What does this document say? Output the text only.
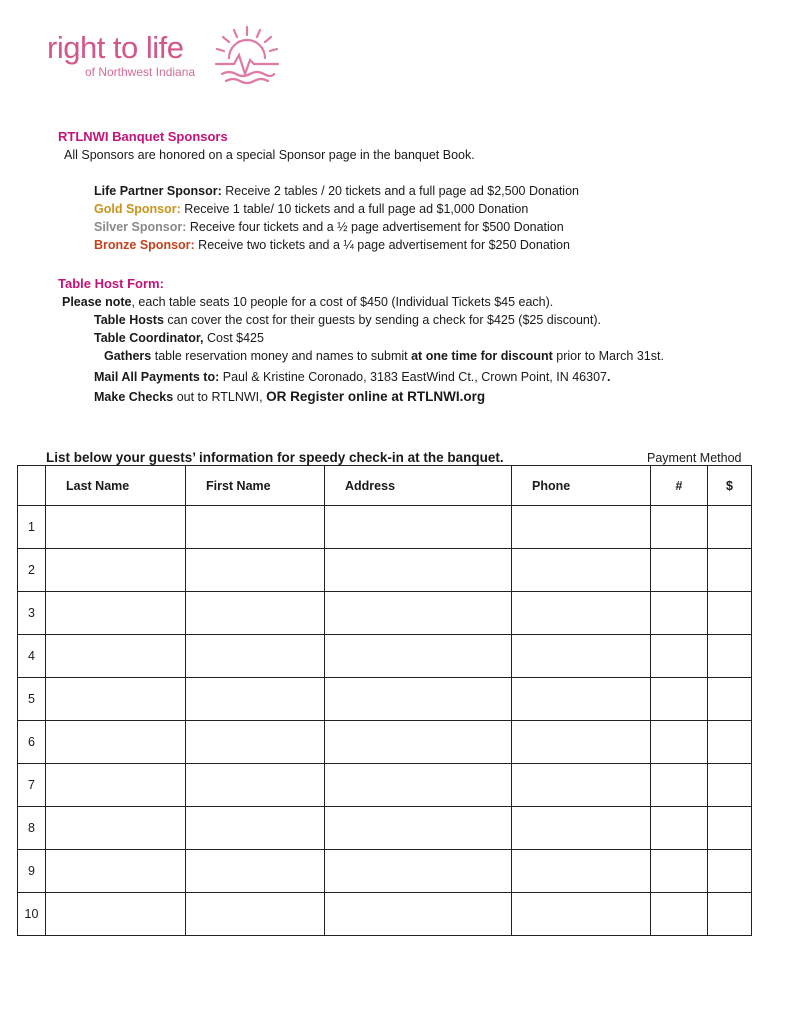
right to life
of Northwest Indiana
RTLNWI Banquet Sponsors
All Sponsors are honored on a special Sponsor page in the banquet Book.
Life Partner Sponsor: Receive 2 tables / 20 tickets and a full page ad $2,500 Donation
Gold Sponsor: Receive 1 table/ 10 tickets and a full page ad $1,000 Donation
Silver Sponsor: Receive four tickets and a ½ page advertisement for $500 Donation
Bronze Sponsor: Receive two tickets and a ¼ page advertisement for $250 Donation
Table Host Form:
Please note, each table seats 10 people for a cost of $450 (Individual Tickets $45 each).
Table Hosts can cover the cost for their guests by sending a check for $425 ($25 discount).
Table Coordinator, Cost $425
Gathers table reservation money and names to submit at one time for discount prior to March 31st.
Mail All Payments to: Paul & Kristine Coronado, 3183 EastWind Ct., Crown Point, IN 46307.
Make Checks out to RTLNWI, OR Register online at RTLNWI.org
List below your guests’ information for speedy check-in at the banquet.	Payment Method
	Last Name	First Name	Address	Phone	#	$
1						
2						
3						
4						
5						
6						
7						
8						
9						
10						
